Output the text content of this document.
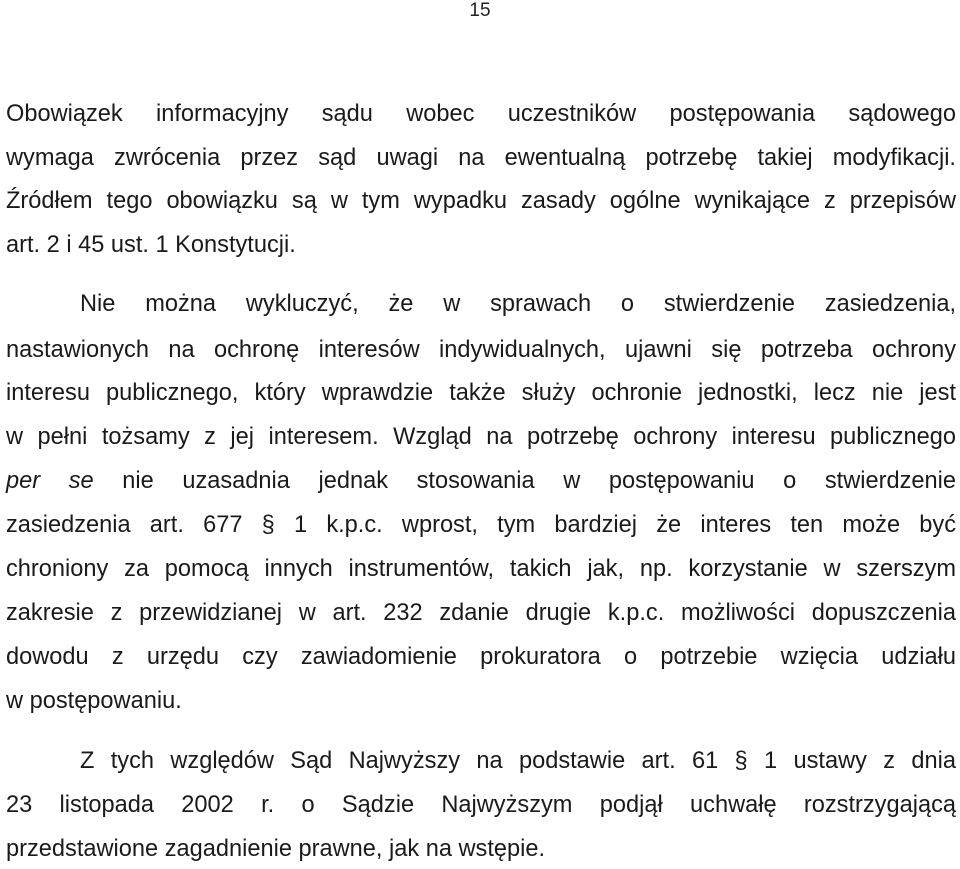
15
Obowiązek informacyjny sądu wobec uczestników postępowania sądowego
wymaga zwrócenia przez sąd uwagi na ewentualną potrzebę takiej modyfikacji.
Źródłem tego obowiązku są w tym wypadku zasady ogólne wynikające z przepisów
art. 2 i 45 ust. 1 Konstytucji.
Nie można wykluczyć, że w sprawach o stwierdzenie zasiedzenia,
nastawionych na ochronę interesów indywidualnych, ujawni się potrzeba ochrony
interesu publicznego, który wprawdzie także służy ochronie jednostki, lecz nie jest
w pełni tożsamy z jej interesem. Wzgląd na potrzebę ochrony interesu publicznego
per se nie uzasadnia jednak stosowania w postępowaniu o stwierdzenie
zasiedzenia art. 677 § 1 k.p.c. wprost, tym bardziej że interes ten może być
chroniony za pomocą innych instrumentów, takich jak, np. korzystanie w szerszym
zakresie z przewidzianej w art. 232 zdanie drugie k.p.c. możliwości dopuszczenia
dowodu z urzędu czy zawiadomienie prokuratora o potrzebie wzięcia udziału
w postępowaniu.
Z tych względów Sąd Najwyższy na podstawie art. 61 § 1 ustawy z dnia
23 listopada 2002 r. o Sądzie Najwyższym podjął uchwałę rozstrzygającą
przedstawione zagadnienie prawne, jak na wstępie.
